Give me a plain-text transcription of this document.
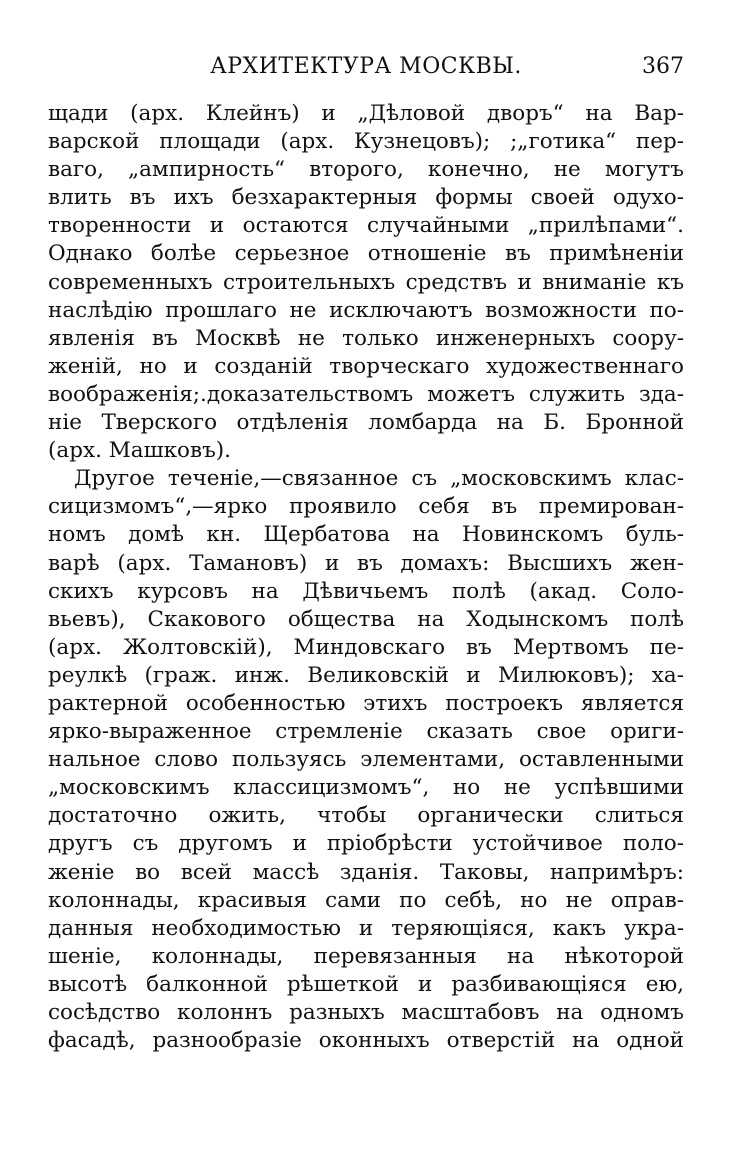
АРХИТЕКТУРА МОСКВЫ.	367
щади (арх. Клейнъ) и „Дѣловой дворъ“ на Вар-
варской площади (арх. Кузнецовъ); ;„готика“ пер-
ваго, „ампирность“ второго, конечно, не могутъ
влить въ ихъ безхарактерныя формы своей одухо-
творенности и остаются случайными „прилѣпами“.
Однако болѣе серьезное отношеніе въ примѣненіи
современныхъ строительныхъ средствъ и вниманіе къ
наслѣдію прошлаго не исключаютъ возможности по-
явленія въ Москвѣ не только инженерныхъ соору-
женій, но и созданій творческаго художественнаго
воображенія;.доказательствомъ можетъ служить зда-
ніе Тверского отдѣленія ломбарда на Б. Бронной
(арх. Машковъ).
Другое теченіе,—связанное съ „московскимъ клас-
сицизмомъ“,—ярко проявило себя въ премирован-
номъ домѣ кн. Щербатова на Новинскомъ буль-
варѣ (арх. Тамановъ) и въ домахъ: Высшихъ жен-
скихъ курсовъ на Дѣвичьемъ полѣ (акад. Соло-
вьевъ), Скакового общества на Ходынскомъ полѣ
(арх. Жолтовскій), Миндовскаго въ Мертвомъ пе-
реулкѣ (граж. инж. Великовскій и Милюковъ); ха-
рактерной особенностью этихъ построекъ является
ярко-выраженное стремленіе сказать свое ориги-
нальное слово пользуясь элементами, оставленными
„московскимъ классицизмомъ“, но не успѣвшими
достаточно ожить, чтобы органически слиться
другъ съ другомъ и пріобрѣсти устойчивое поло-
женіе во всей массѣ зданія. Таковы, напримѣръ:
колоннады, красивыя сами по себѣ, но не оправ-
данныя необходимостью и теряющіяся, какъ укра-
шеніе, колоннады, перевязанныя на нѣкоторой
высотѣ балконной рѣшеткой и разбивающіяся ею,
сосѣдство колоннъ разныхъ масштабовъ на одномъ
фасадѣ, разнообразіе оконныхъ отверстій на одной
